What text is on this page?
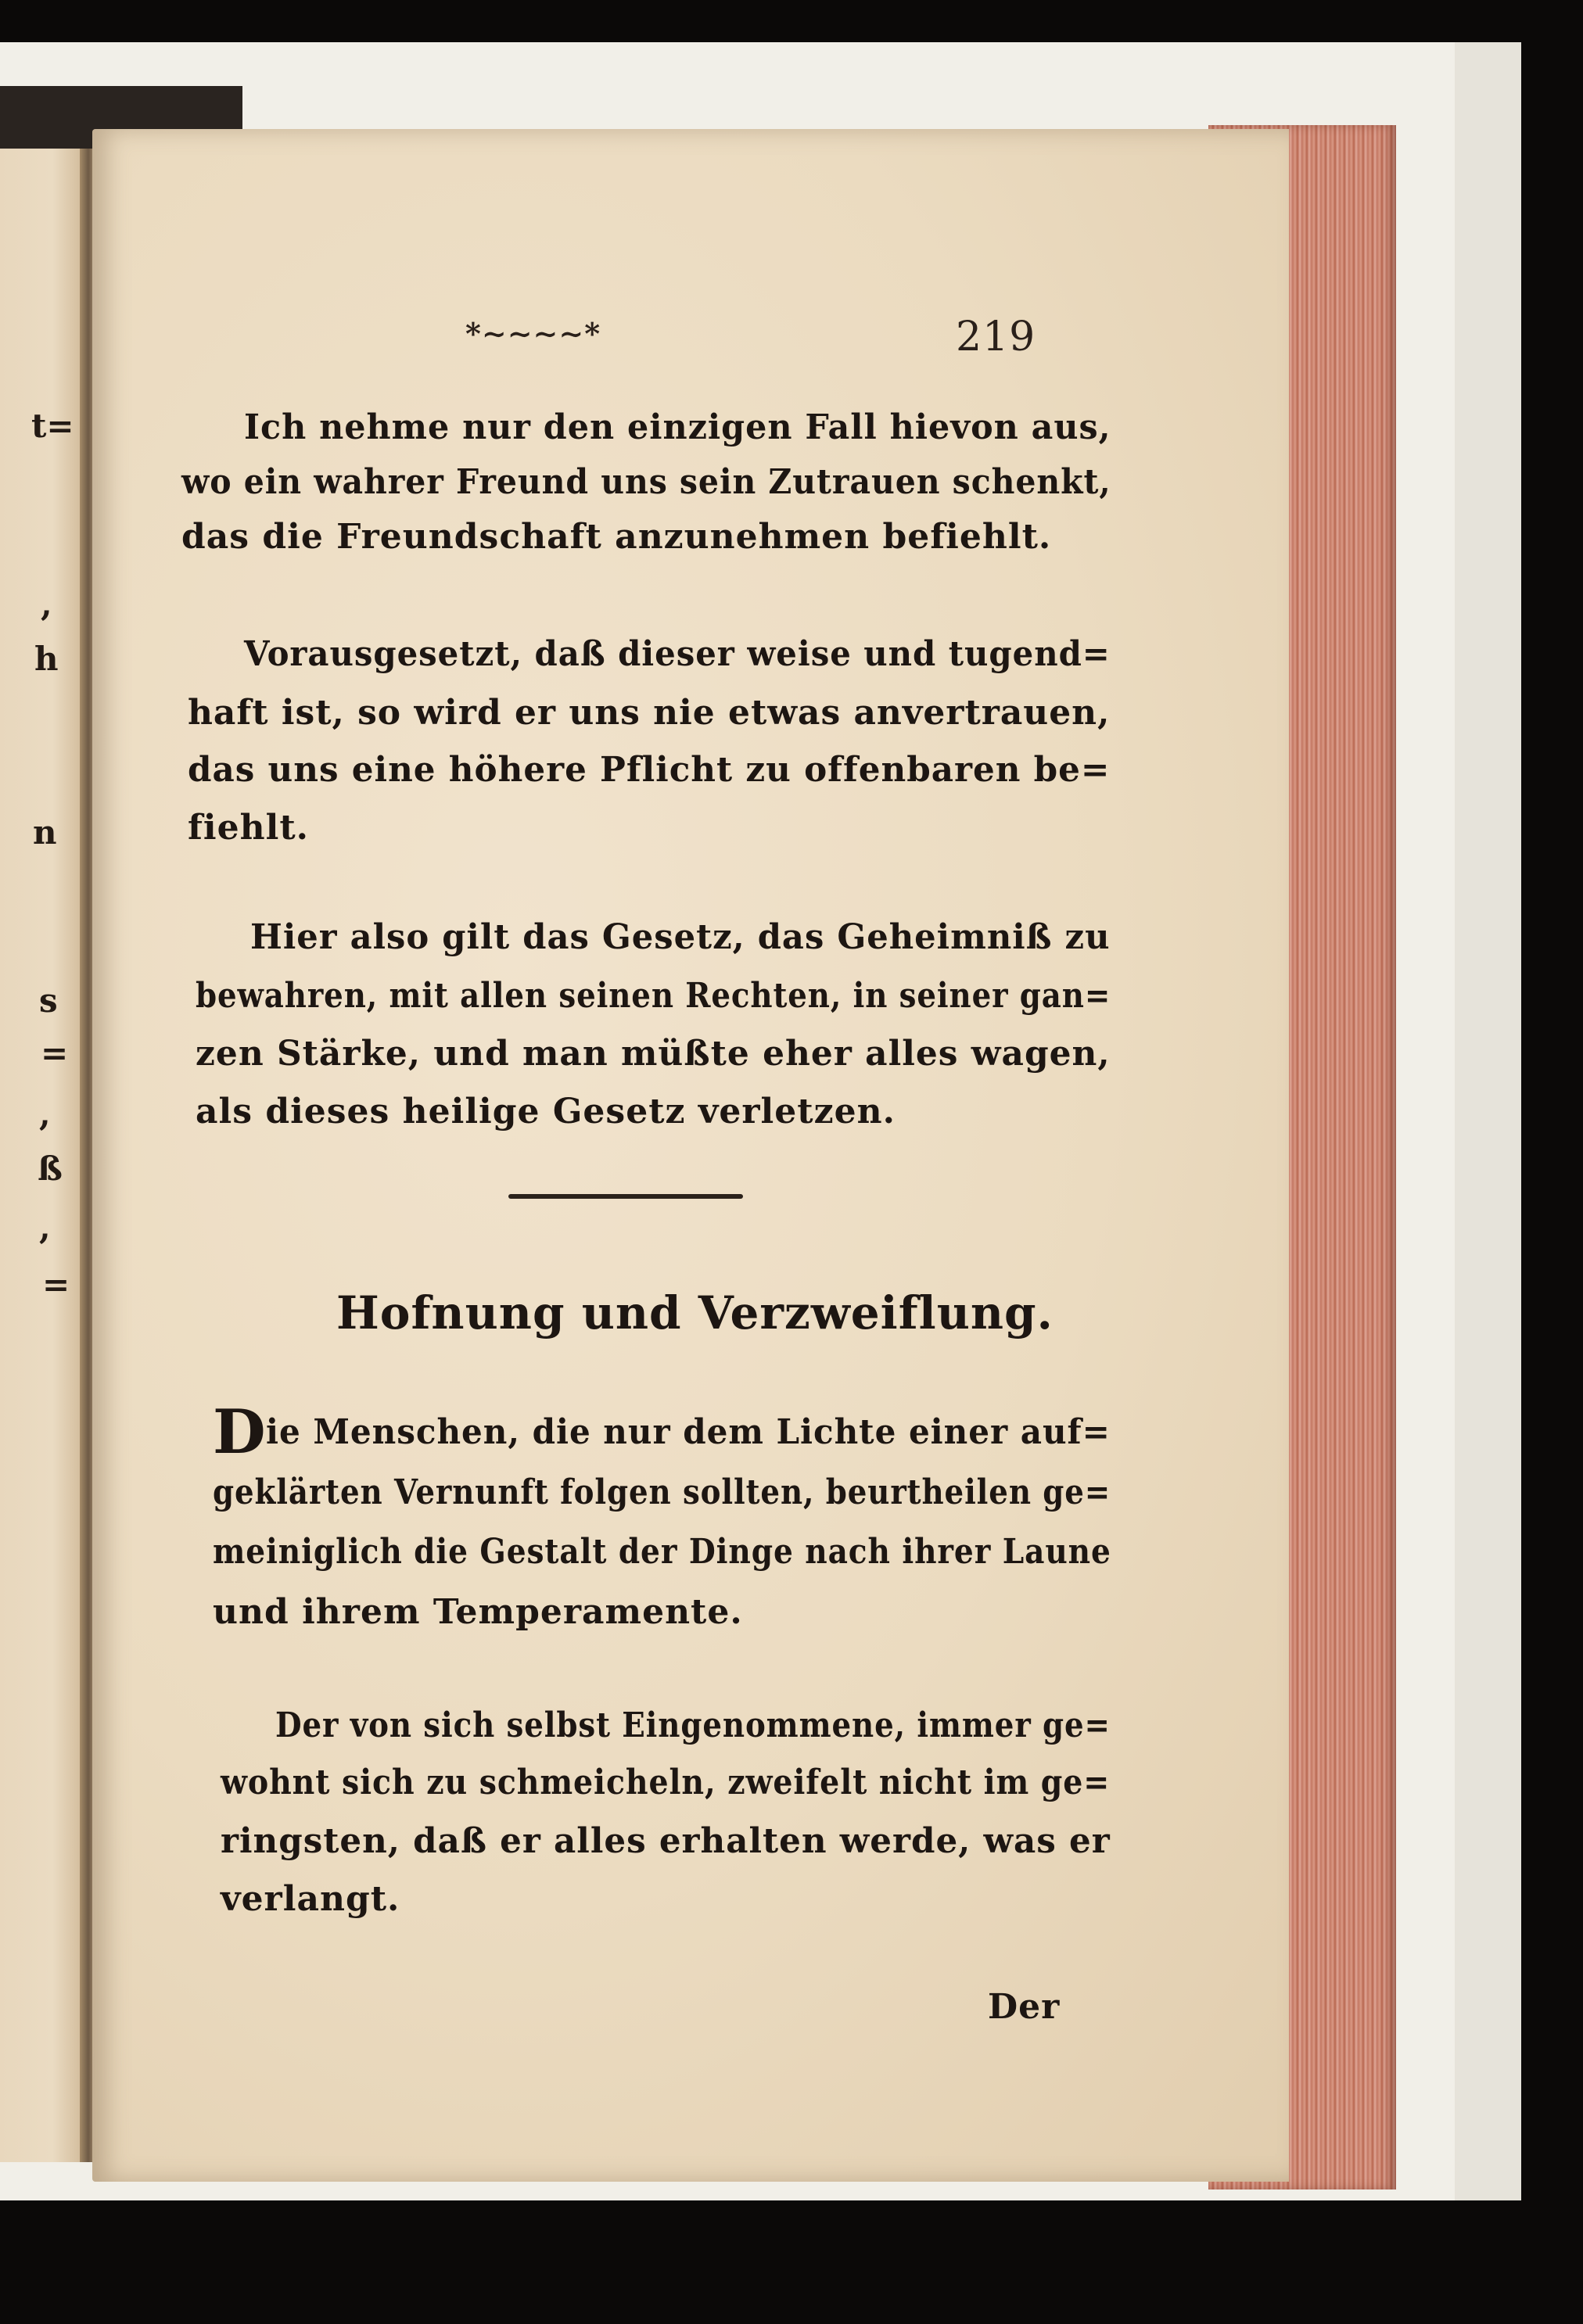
t=
,
h
n
s
=
,
ß
,
=
*∼∼∼∼*	219
Ich nehme nur den einzigen Fall hievon aus,
wo ein wahrer Freund uns sein Zutrauen schenkt,
das die Freundschaft anzunehmen befiehlt.
Vorausgesetzt, daß dieser weise und tugend=
haft ist, so wird er uns nie etwas anvertrauen,
das uns eine höhere Pflicht zu offenbaren be=
fiehlt.
Hier also gilt das Gesetz, das Geheimniß zu
bewahren, mit allen seinen Rechten, in seiner gan=
zen Stärke, und man müßte eher alles wagen,
als dieses heilige Gesetz verletzen.
Hofnung und Verzweiflung.
D ie Menschen, die nur dem Lichte einer auf=
geklärten Vernunft folgen sollten, beurtheilen ge=
meiniglich die Gestalt der Dinge nach ihrer Laune
und ihrem Temperamente.
Der von sich selbst Eingenommene, immer ge=
wohnt sich zu schmeicheln, zweifelt nicht im ge=
ringsten, daß er alles erhalten werde, was er
verlangt.
Der
